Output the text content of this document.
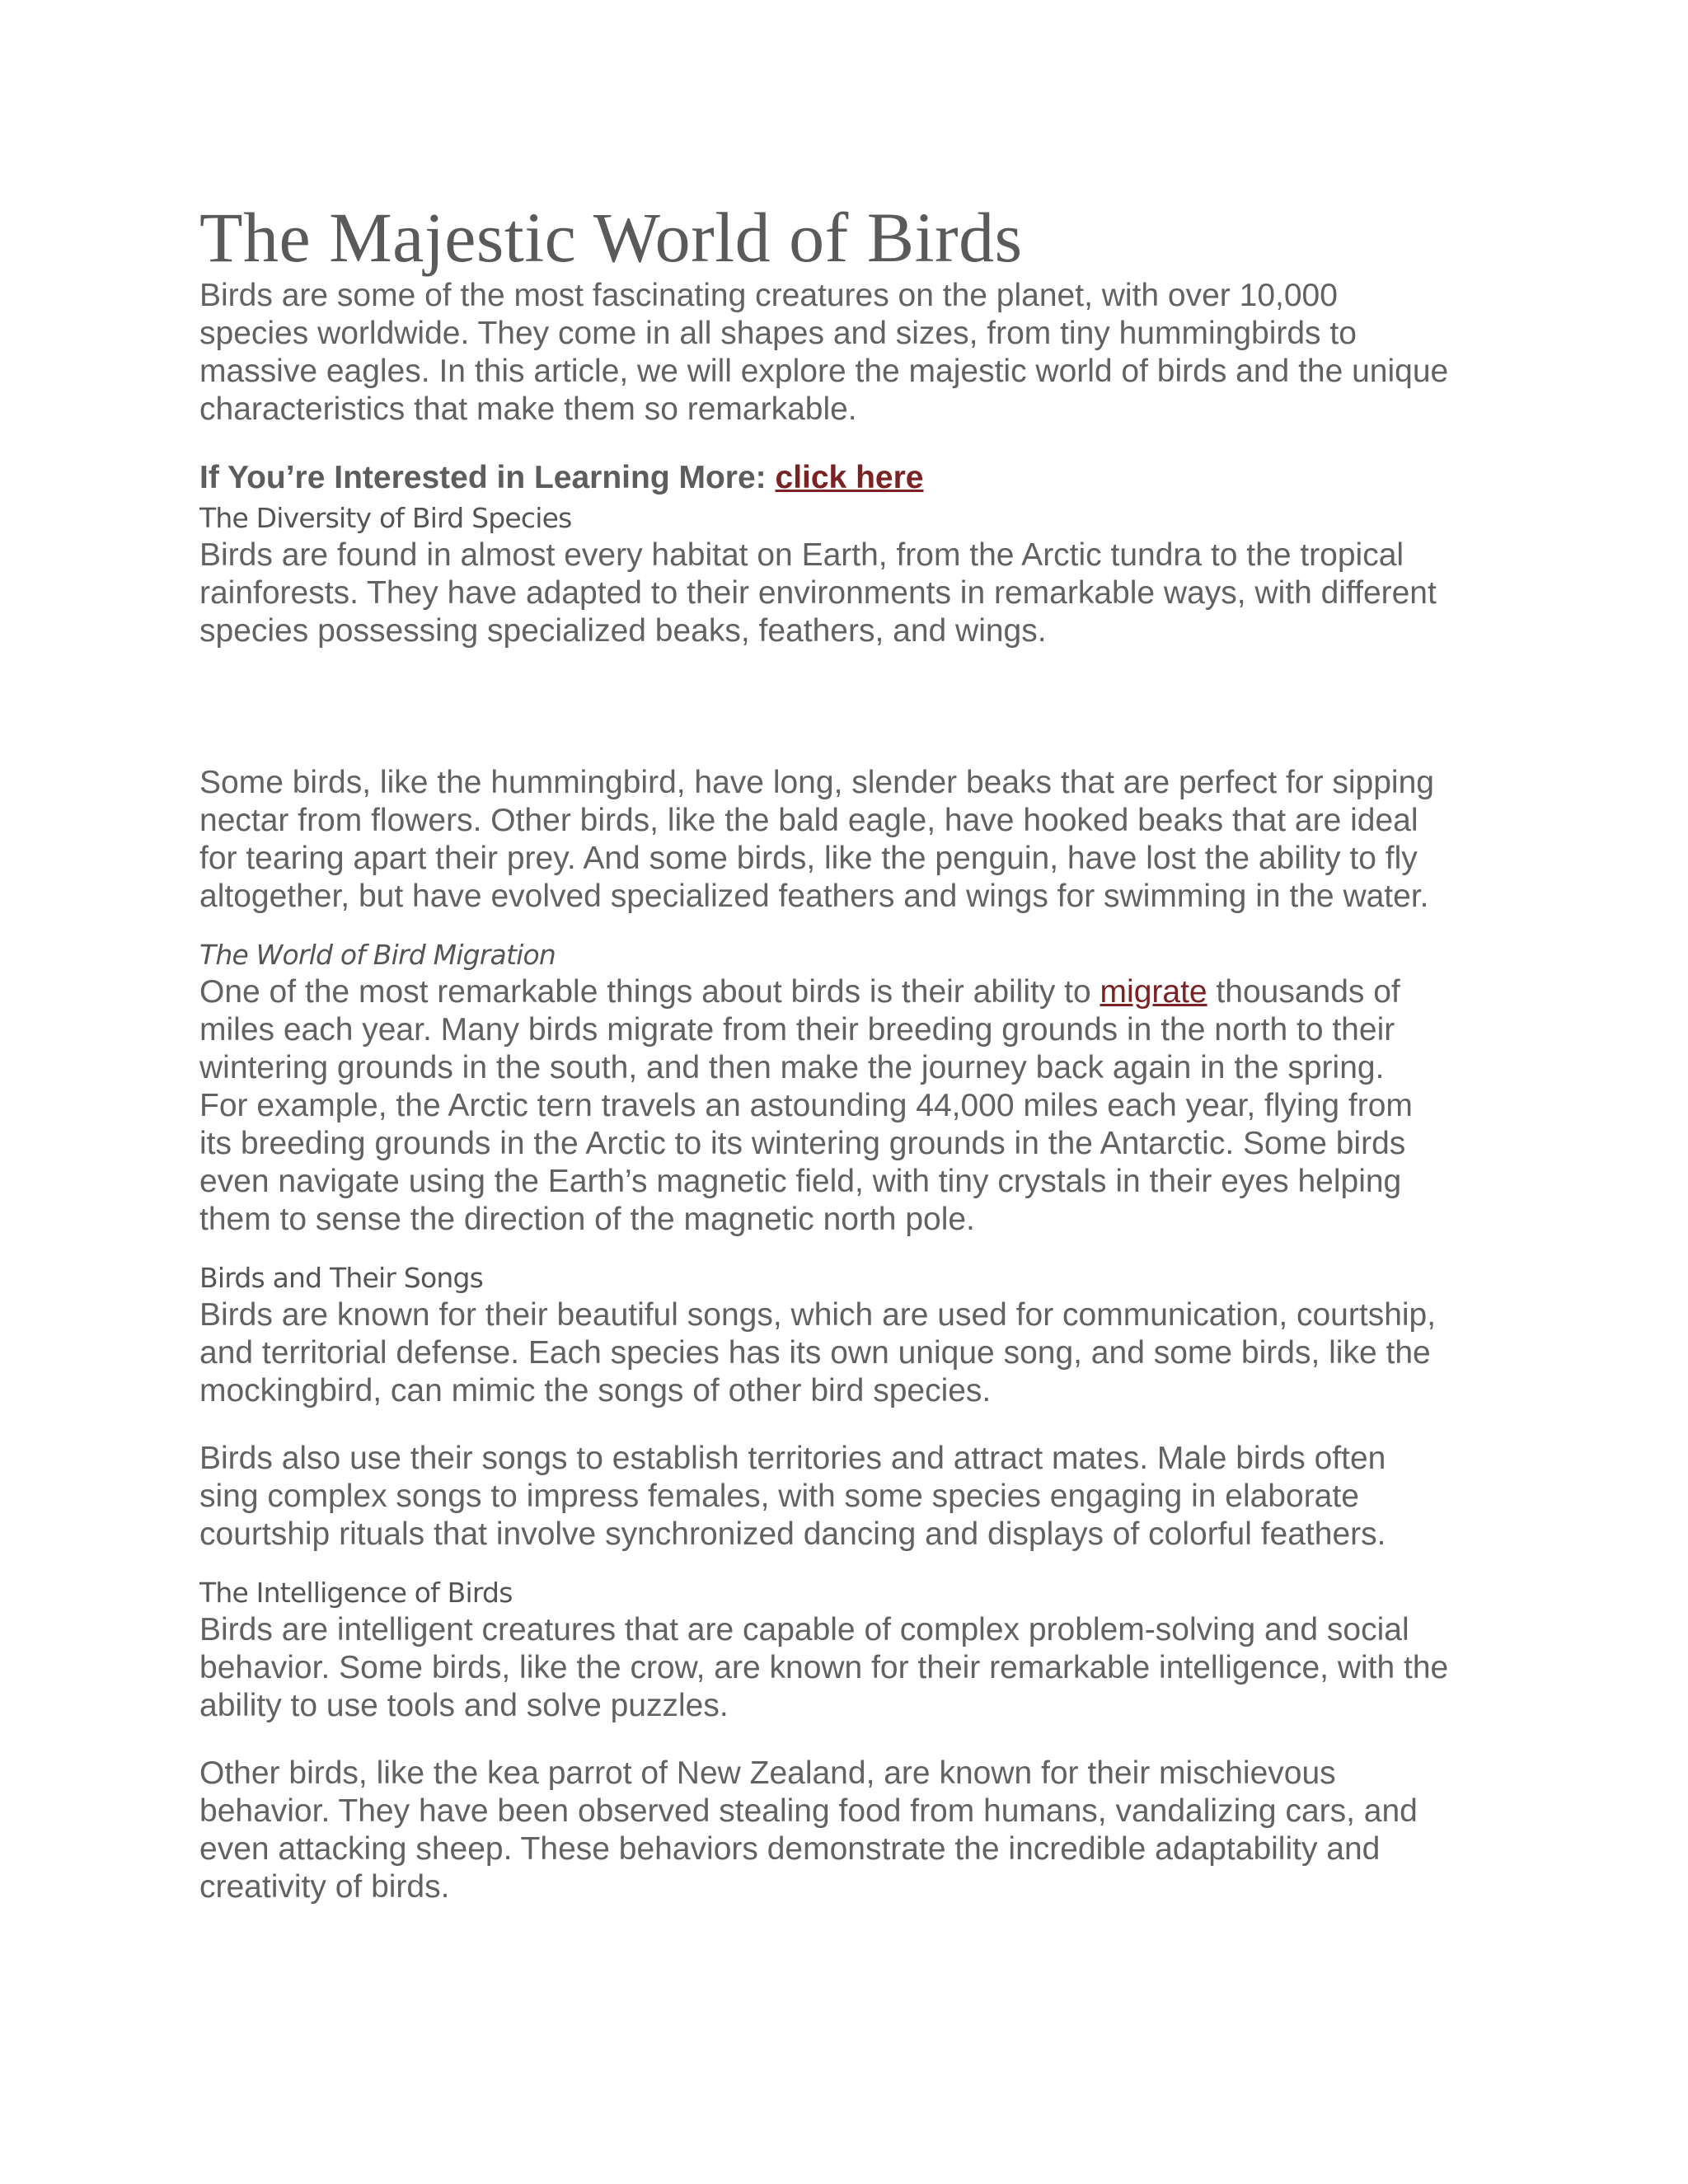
The Majestic World of Birds

Birds are some of the most fascinating creatures on the planet, with over 10,000
species worldwide. They come in all shapes and sizes, from tiny hummingbirds to
massive eagles. In this article, we will explore the majestic world of birds and the unique
characteristics that make them so remarkable.

If You’re Interested in Learning More: click here

The Diversity of Bird Species

Birds are found in almost every habitat on Earth, from the Arctic tundra to the tropical
rainforests. They have adapted to their environments in remarkable ways, with different
species possessing specialized beaks, feathers, and wings.

Some birds, like the hummingbird, have long, slender beaks that are perfect for sipping
nectar from flowers. Other birds, like the bald eagle, have hooked beaks that are ideal
for tearing apart their prey. And some birds, like the penguin, have lost the ability to fly
altogether, but have evolved specialized feathers and wings for swimming in the water.

The World of Bird Migration

One of the most remarkable things about birds is their ability to migrate thousands of
miles each year. Many birds migrate from their breeding grounds in the north to their
wintering grounds in the south, and then make the journey back again in the spring.
For example, the Arctic tern travels an astounding 44,000 miles each year, flying from
its breeding grounds in the Arctic to its wintering grounds in the Antarctic. Some birds
even navigate using the Earth’s magnetic field, with tiny crystals in their eyes helping
them to sense the direction of the magnetic north pole.

Birds and Their Songs

Birds are known for their beautiful songs, which are used for communication, courtship,
and territorial defense. Each species has its own unique song, and some birds, like the
mockingbird, can mimic the songs of other bird species.

Birds also use their songs to establish territories and attract mates. Male birds often
sing complex songs to impress females, with some species engaging in elaborate
courtship rituals that involve synchronized dancing and displays of colorful feathers.

The Intelligence of Birds

Birds are intelligent creatures that are capable of complex problem-solving and social
behavior. Some birds, like the crow, are known for their remarkable intelligence, with the
ability to use tools and solve puzzles.

Other birds, like the kea parrot of New Zealand, are known for their mischievous
behavior. They have been observed stealing food from humans, vandalizing cars, and
even attacking sheep. These behaviors demonstrate the incredible adaptability and
creativity of birds.
